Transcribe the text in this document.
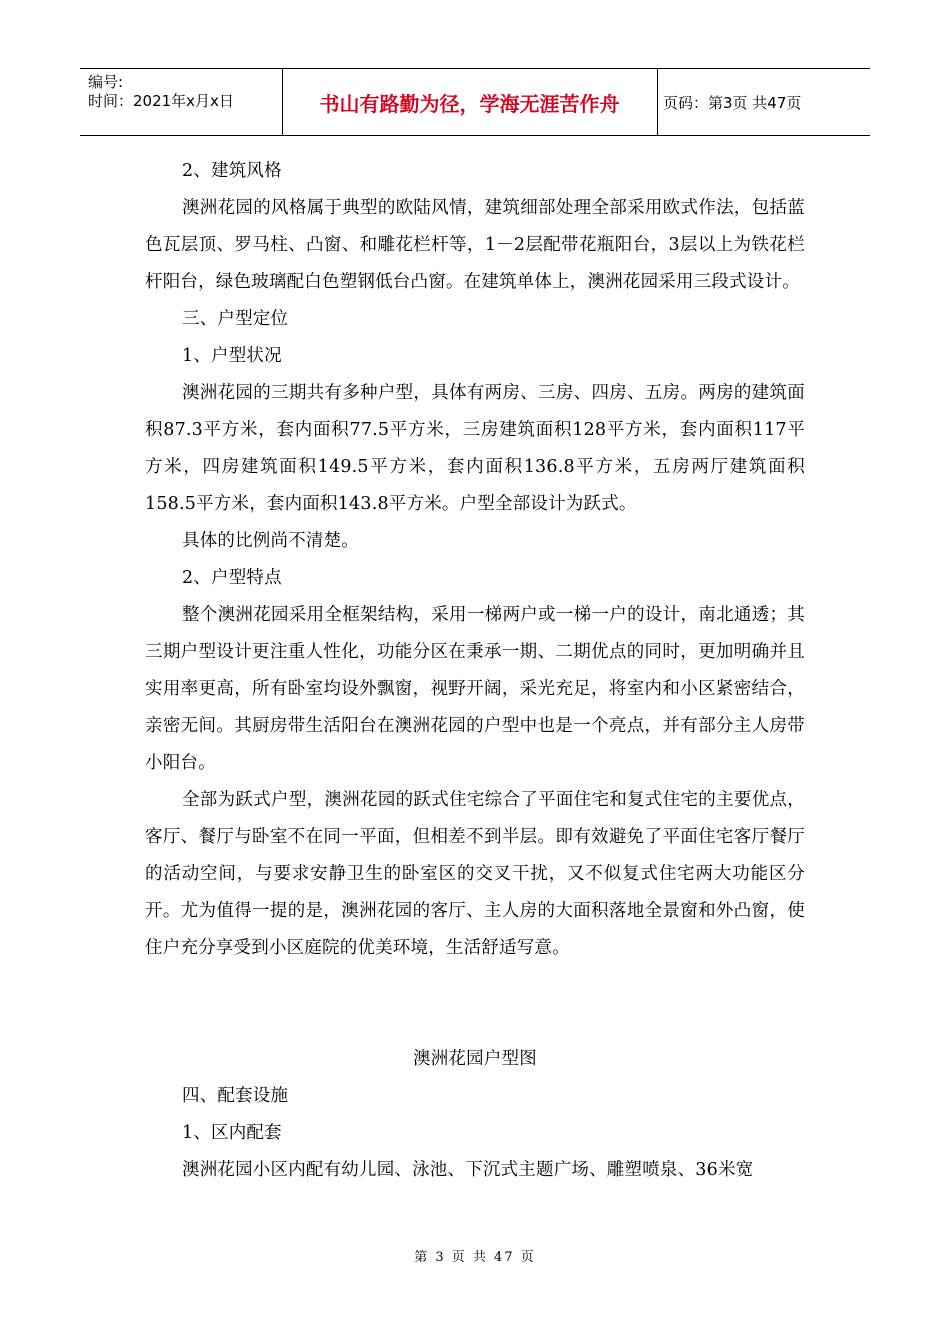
编号:
时间：2021年x月x日	书山有路勤为径，学海无涯苦作舟	页码：第3页 共47页

2、建筑风格

澳洲花园的风格属于典型的欧陆风情，建筑细部处理全部采用欧式作法，包括蓝色瓦层顶、罗马柱、凸窗、和雕花栏杆等，1－2层配带花瓶阳台，3层以上为铁花栏杆阳台，绿色玻璃配白色塑钢低台凸窗。在建筑单体上，澳洲花园采用三段式设计。

三、户型定位

1、户型状况

澳洲花园的三期共有多种户型，具体有两房、三房、四房、五房。两房的建筑面积87.3平方米，套内面积77.5平方米，三房建筑面积128平方米，套内面积117平方米，四房建筑面积149.5平方米，套内面积136.8平方米，五房两厅建筑面积158.5平方米，套内面积143.8平方米。户型全部设计为跃式。

具体的比例尚不清楚。

2、户型特点

整个澳洲花园采用全框架结构，采用一梯两户或一梯一户的设计，南北通透；其三期户型设计更注重人性化，功能分区在秉承一期、二期优点的同时，更加明确并且实用率更高，所有卧室均设外飘窗，视野开阔，采光充足，将室内和小区紧密结合，亲密无间。其厨房带生活阳台在澳洲花园的户型中也是一个亮点，并有部分主人房带小阳台。

全部为跃式户型，澳洲花园的跃式住宅综合了平面住宅和复式住宅的主要优点，客厅、餐厅与卧室不在同一平面，但相差不到半层。即有效避免了平面住宅客厅餐厅的活动空间，与要求安静卫生的卧室区的交叉干扰，又不似复式住宅两大功能区分开。尤为值得一提的是，澳洲花园的客厅、主人房的大面积落地全景窗和外凸窗，使住户充分享受到小区庭院的优美环境，生活舒适写意。

澳洲花园户型图

四、配套设施

1、区内配套

澳洲花园小区内配有幼儿园、泳池、下沉式主题广场、雕塑喷泉、36米宽

第 3 页 共 47 页
